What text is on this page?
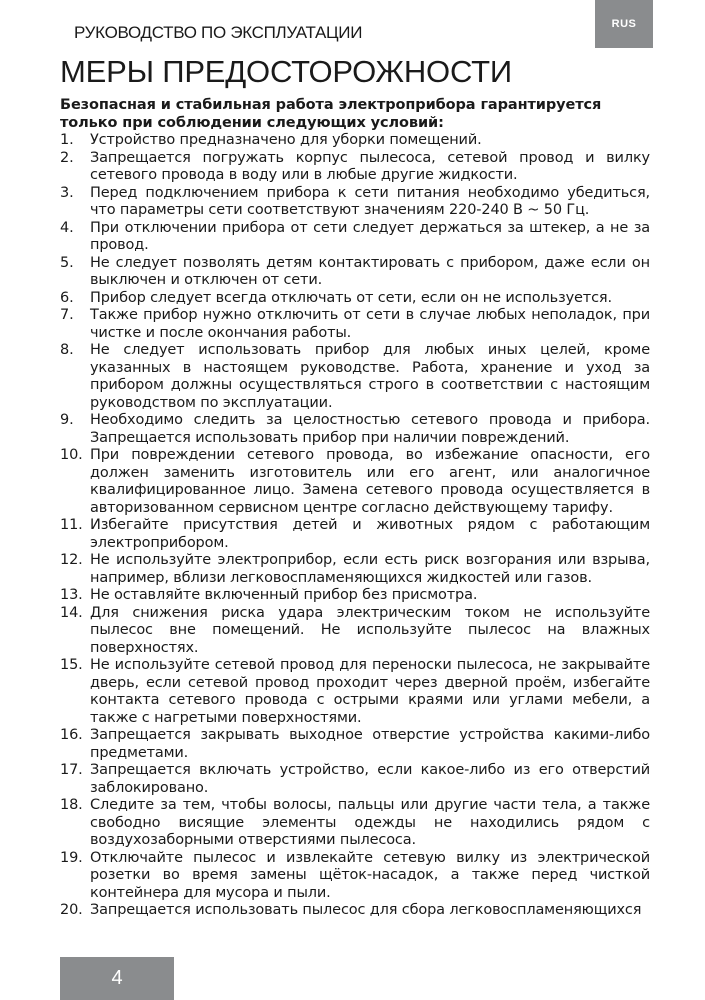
РУКОВОДСТВО ПО ЭКСПЛУАТАЦИИ	RUS
МЕРЫ ПРЕДОСТОРОЖНОСТИ

Безопасная и стабильная работа электроприбора гарантируется только при соблюдении следующих условий:

1.	Устройство предназначено для уборки помещений.
2.	Запрещается погружать корпус пылесоса, сетевой провод и вилку сетевого провода в воду или в любые другие жидкости.
3.	Перед подключением прибора к сети питания необходимо убедиться, что параметры сети соответствуют значениям 220-240 В ~ 50 Гц.
4.	При отключении прибора от сети следует держаться за штекер, а не за провод.
5.	Не следует позволять детям контактировать с прибором, даже если он выключен и отключен от сети.
6.	Прибор следует всегда отключать от сети, если он не используется.
7.	Также прибор нужно отключить от сети в случае любых неполадок, при чистке и после окончания работы.
8.	Не следует использовать прибор для любых иных целей, кроме указанных в настоящем руководстве. Работа, хранение и уход за прибором должны осуществляться строго в соответствии с настоящим руководством по эксплуатации.
9.	Необходимо следить за целостностью сетевого провода и прибора. Запрещается использовать прибор при наличии повреждений.
10. При повреждении сетевого провода, во избежание опасности, его должен заменить изготовитель или его агент, или аналогичное квалифицированное лицо. Замена сетевого провода осуществляется в авторизованном сервисном центре согласно действующему тарифу.
11. Избегайте присутствия детей и животных рядом с работающим электроприбором.
12. Не используйте электроприбор, если есть риск возгорания или взрыва, например, вблизи легковоспламеняющихся жидкостей или газов.
13. Не оставляйте включенный прибор без присмотра.
14. Для снижения риска удара электрическим током не используйте пылесос вне помещений. Не используйте пылесос на влажных поверхностях.
15. Не используйте сетевой провод для переноски пылесоса, не закрывайте дверь, если сетевой провод проходит через дверной проём, избегайте контакта сетевого провода с острыми краями или углами мебели, а также с нагретыми поверхностями.
16. Запрещается закрывать выходное отверстие устройства какими-либо предметами.
17. Запрещается включать устройство, если какое-либо из его отверстий заблокировано.
18. Следите за тем, чтобы волосы, пальцы или другие части тела, а также свободно висящие элементы одежды не находились рядом с воздухозаборными отверстиями пылесоса.
19. Отключайте пылесос и извлекайте сетевую вилку из электрической розетки во время замены щёток-насадок, а также перед чисткой контейнера для мусора и пыли.
20. Запрещается использовать пылесос для сбора легковоспламеняющихся
4
